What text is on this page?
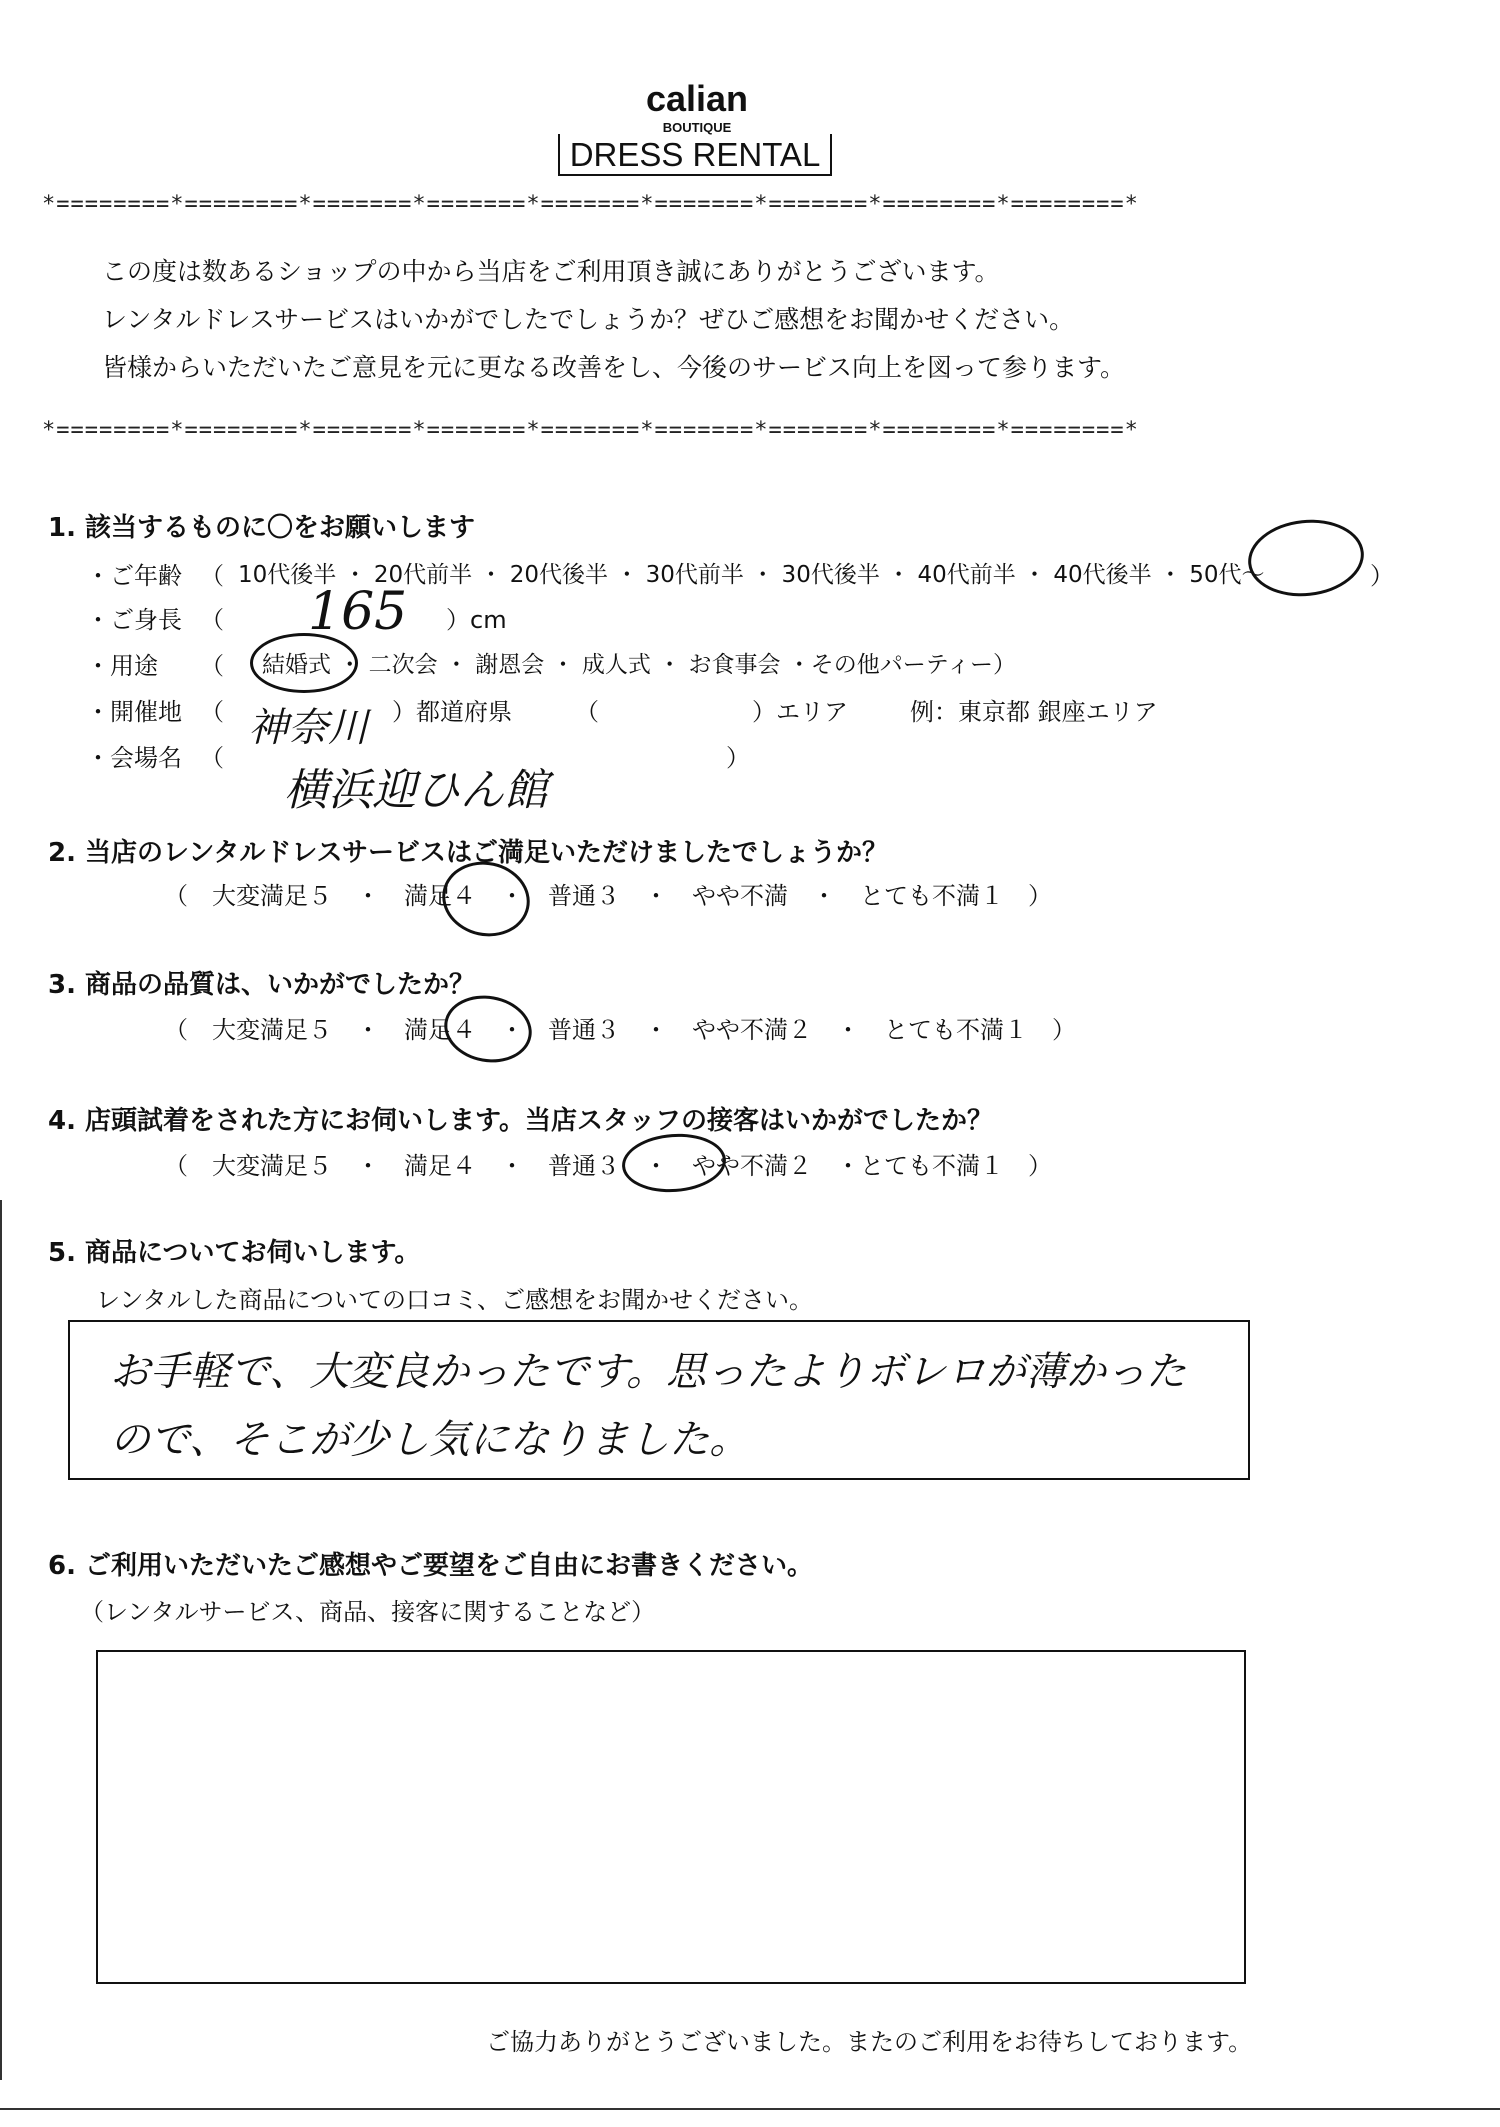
calian
BOUTIQUE
DRESS RENTAL
*========*========*=======*=======*=======*=======*=======*========*========*
*========*========*=======*=======*=======*=======*=======*========*========*
この度は数あるショップの中から当店をご利用頂き誠にありがとうございます。
レンタルドレスサービスはいかがでしたでしょうか？ぜひご感想をお聞かせください。
皆様からいただいたご意見を元に更なる改善をし、今後のサービス向上を図って参ります。
1. 該当するものに〇をお願いします
・ご年齢 （ 10代後半 ・ 20代前半 ・ 20代後半 ・ 30代前半 ・ 30代後半 ・ 40代前半 ・ 40代後半 ・ 50代〜	）
・ご身長 （ 165 ）cm
・用途 （ 結婚式 ・ 二次会 ・ 謝恩会 ・ 成人式 ・ お食事会 ・その他パーティー）
・開催地 （ 神奈川 ）都道府県	（	）エリア	例：東京都 銀座エリア
・会場名 （
横浜迎ひん館
）
2. 当店のレンタルドレスサービスはご満足いただけましたでしょうか？
（　大変満足５　・　満足４　・　普通３　・　やや不満　・　とても不満１　）
3. 商品の品質は、いかがでしたか？
（　大変満足５　・　満足４　・　普通３　・　やや不満２　・　とても不満１　）
4. 店頭試着をされた方にお伺いします。当店スタッフの接客はいかがでしたか？
（　大変満足５　・　満足４　・　普通３　・　やや不満２　・とても不満１　）
5. 商品についてお伺いします。
レンタルした商品についての口コミ、ご感想をお聞かせください。
お手軽で、大変良かったです。思ったよりボレロが薄かった
ので、そこが少し気になりました。
6. ご利用いただいたご感想やご要望をご自由にお書きください。
（レンタルサービス、商品、接客に関することなど）
ご協力ありがとうございました。またのご利用をお待ちしております。
